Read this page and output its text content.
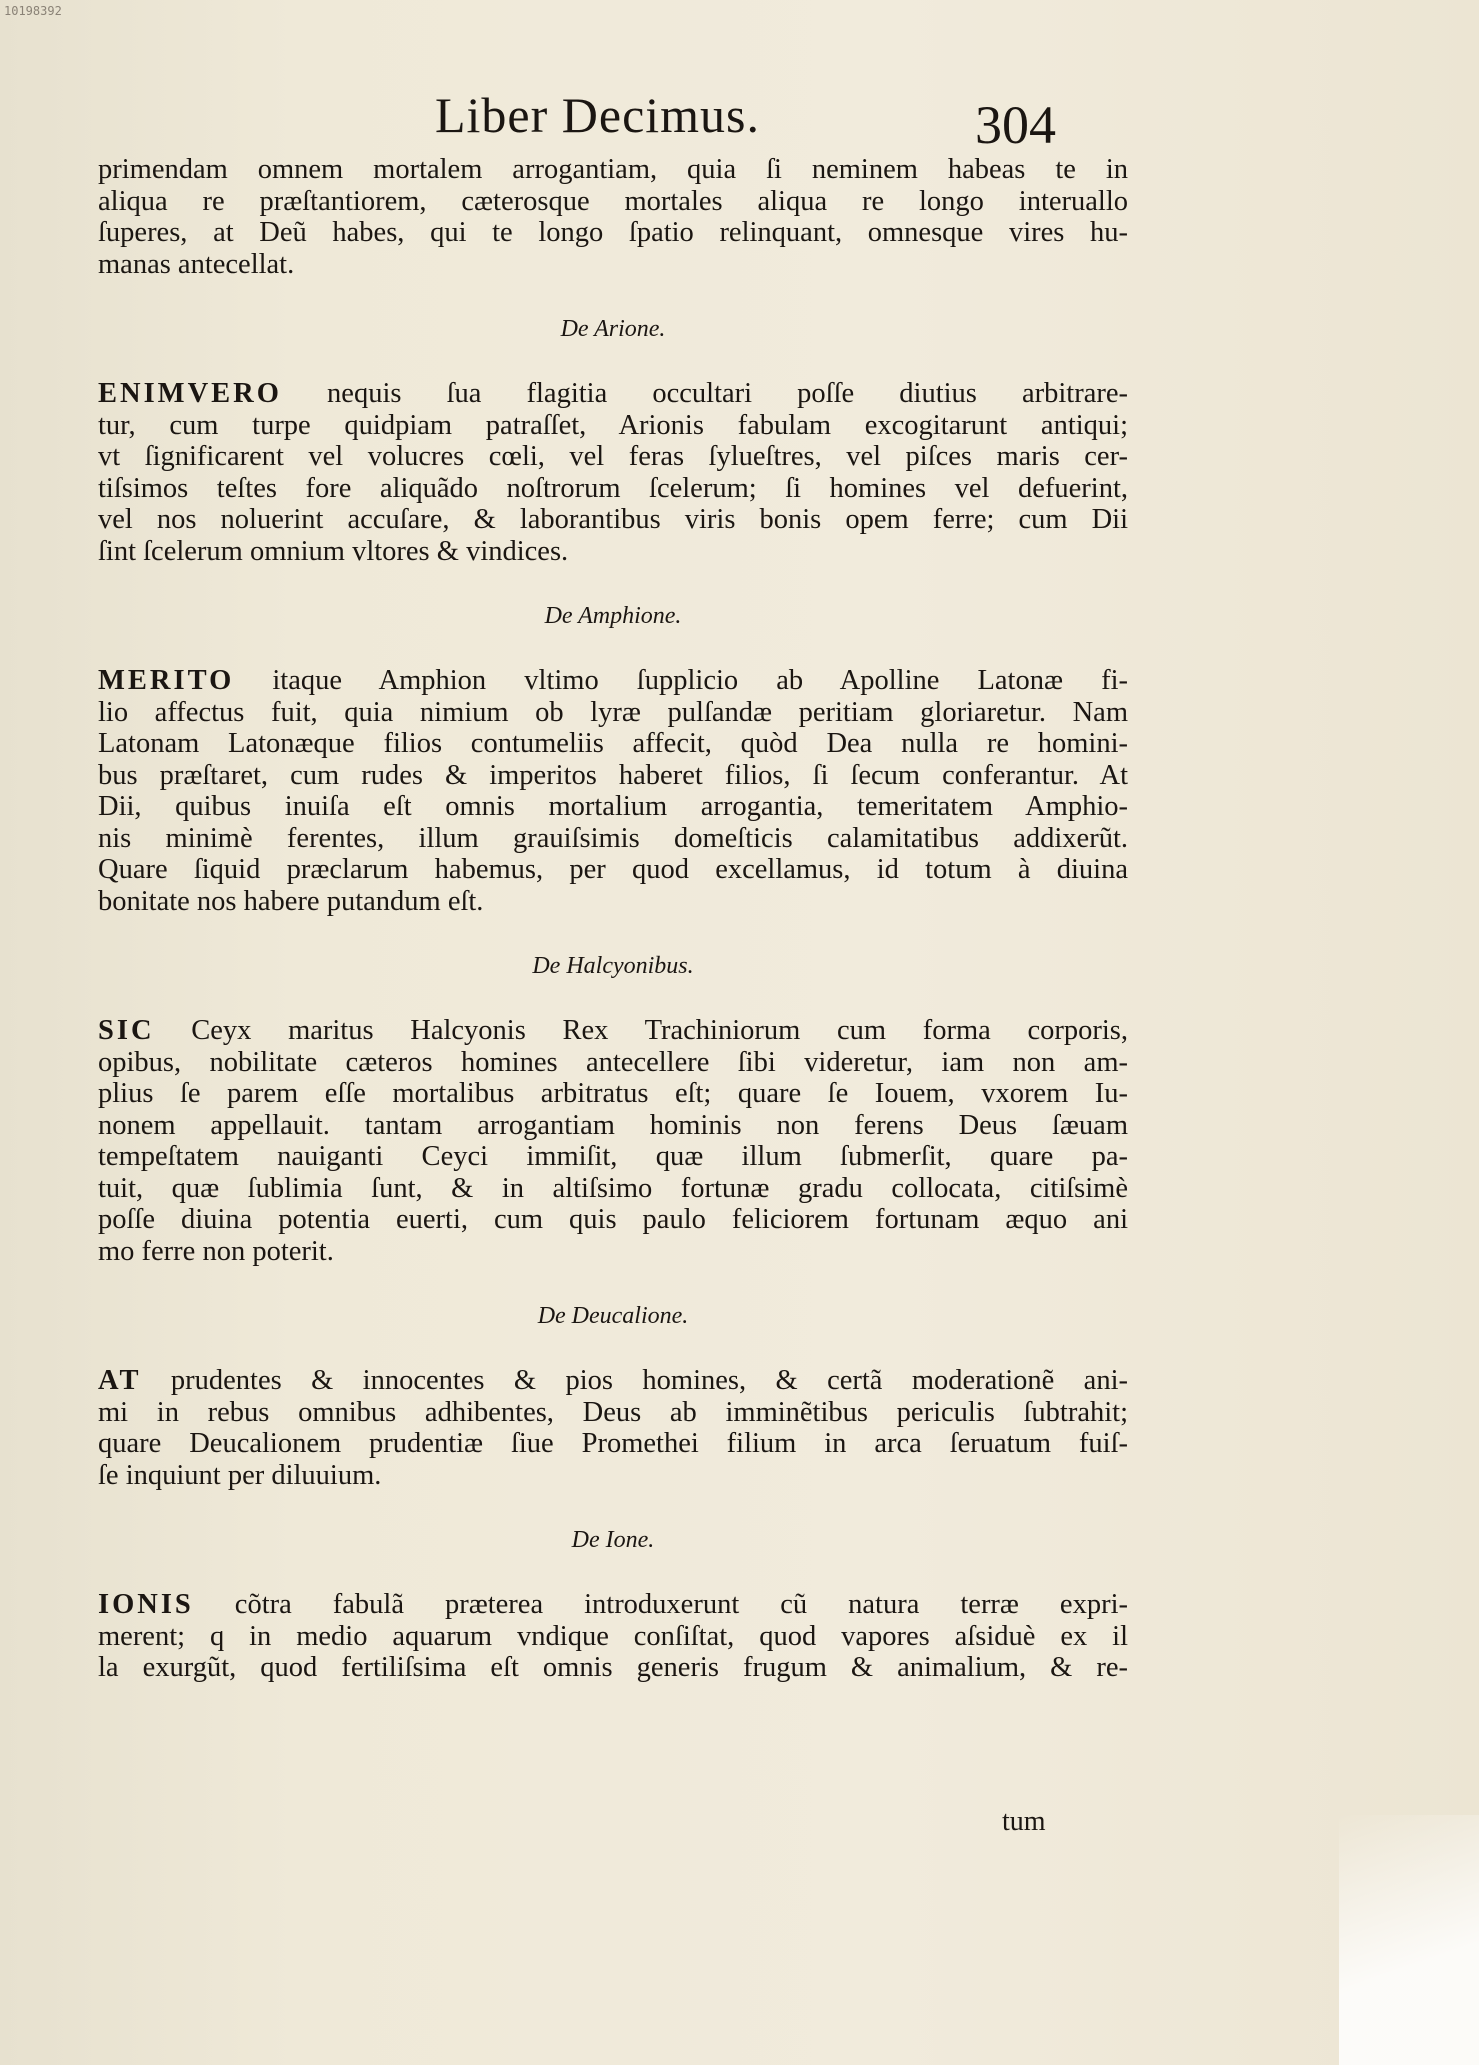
10198392
Liber Decimus.	304

primendam omnem mortalem arrogantiam, quia ſi neminem habeas te in
aliqua re præſtantiorem, cæterosque mortales aliqua re longo interuallo
ſuperes, at Deũ habes, qui te longo ſpatio relinquant, omnesque vires hu-
manas antecellat.

De Arione.

ENIMVERO nequis ſua flagitia occultari poſſe diutius arbitrare-
tur, cum turpe quidpiam patraſſet, Arionis fabulam excogitarunt antiqui;
vt ſignificarent vel volucres cœli, vel feras ſylueſtres, vel piſces maris cer-
tiſsimos teſtes fore aliquãdo noſtrorum ſcelerum; ſi homines vel defuerint,
vel nos noluerint accuſare, & laborantibus viris bonis opem ferre; cum Dii
ſint ſcelerum omnium vltores & vindices.

De Amphione.

MERITO itaque Amphion vltimo ſupplicio ab Apolline Latonæ fi-
lio affectus fuit, quia nimium ob lyræ pulſandæ peritiam gloriaretur. Nam
Latonam Latonæque filios contumeliis affecit, quòd Dea nulla re homini-
bus præſtaret, cum rudes & imperitos haberet filios, ſi ſecum conferantur. At
Dii, quibus inuiſa eſt omnis mortalium arrogantia, temeritatem Amphio-
nis minimè ferentes, illum grauiſsimis domeſticis calamitatibus addixerũt.
Quare ſiquid præclarum habemus, per quod excellamus, id totum à diuina
bonitate nos habere putandum eſt.

De Halcyonibus.

SIC Ceyx maritus Halcyonis Rex Trachiniorum cum forma corporis,
opibus, nobilitate cæteros homines antecellere ſibi videretur, iam non am-
plius ſe parem eſſe mortalibus arbitratus eſt; quare ſe Iouem, vxorem Iu-
nonem appellauit. tantam arrogantiam hominis non ferens Deus ſæuam
tempeſtatem nauiganti Ceyci immiſit, quæ illum ſubmerſit, quare pa-
tuit, quæ ſublimia ſunt, & in altiſsimo fortunæ gradu collocata, citiſsimè
poſſe diuina potentia euerti, cum quis paulo feliciorem fortunam æquo ani
mo ferre non poterit.

De Deucalione.

AT prudentes & innocentes & pios homines, & certã moderationẽ ani-
mi in rebus omnibus adhibentes, Deus ab imminẽtibus periculis ſubtrahit;
quare Deucalionem prudentiæ ſiue Promethei filium in arca ſeruatum fuiſ-
ſe inquiunt per diluuium.

De Ione.

IONIS cõtra fabulã præterea introduxerunt cũ natura terræ expri-
merent; q in medio aquarum vndique conſiſtat, quod vapores aſsiduè ex il
la exurgũt, quod fertiliſsima eſt omnis generis frugum & animalium, & re-

tum
